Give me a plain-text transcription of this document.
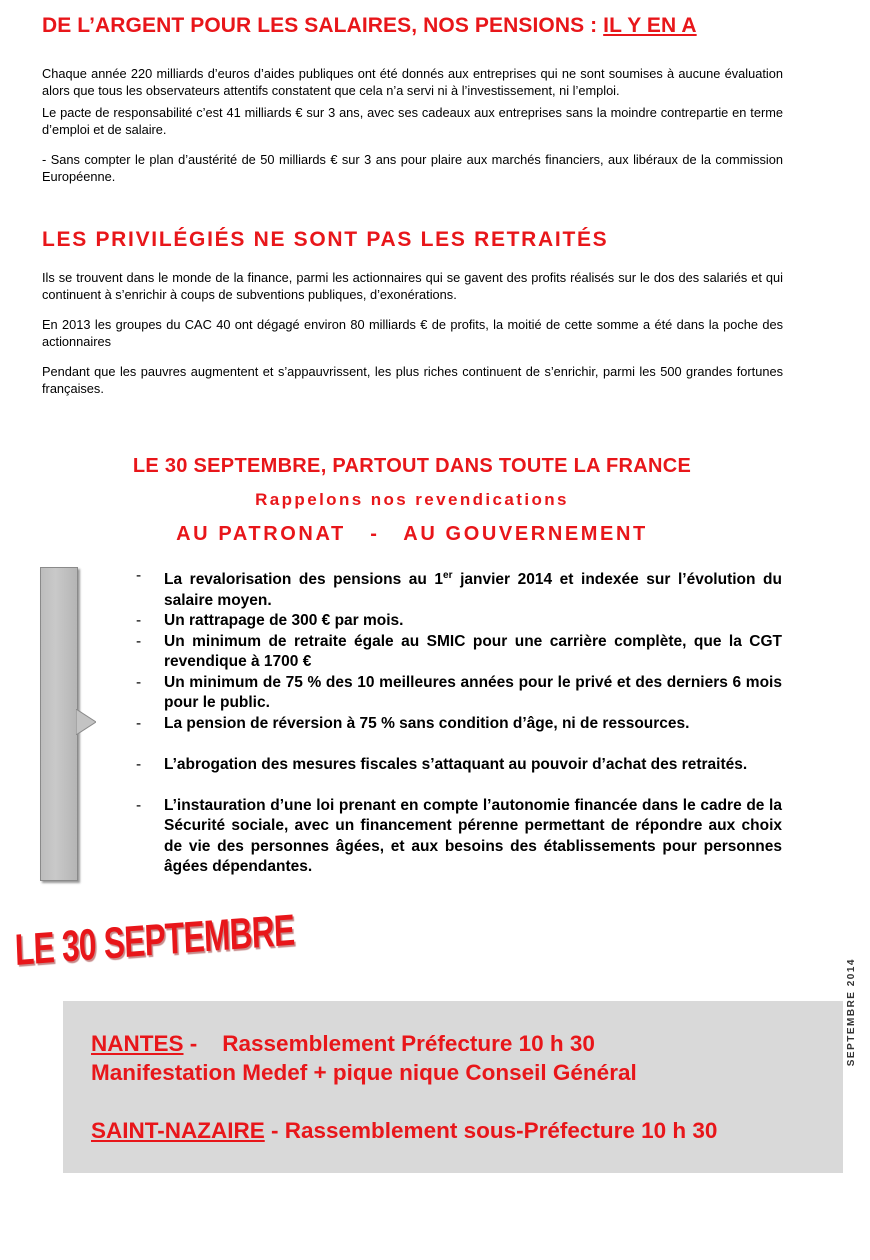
DE L’ARGENT POUR LES SALAIRES, NOS PENSIONS : IL Y EN A
Chaque année 220 milliards d’euros d’aides publiques ont été donnés aux entreprises qui ne sont soumises à aucune évaluation alors que tous les observateurs attentifs constatent que cela n’a servi ni à l’investissement, ni l’emploi.
Le pacte de responsabilité c’est 41 milliards € sur 3 ans, avec ses cadeaux aux entreprises sans la moindre contrepartie en terme d’emploi et de salaire.
- Sans compter le plan d’austérité de 50 milliards € sur 3 ans pour plaire aux marchés financiers, aux libéraux de la commission Européenne.
LES PRIVILÉGIÉS NE SONT PAS LES RETRAITÉS
Ils se trouvent dans le monde de la finance, parmi les actionnaires qui se gavent des profits réalisés sur le dos des salariés et qui continuent à s’enrichir à coups de subventions publiques, d’exonérations.
En 2013 les groupes du CAC 40 ont dégagé environ 80 milliards € de profits, la moitié de cette somme a été dans la poche des actionnaires
Pendant que les pauvres augmentent et s’appauvrissent, les plus riches continuent de s’enrichir, parmi les 500 grandes fortunes françaises.
LE 30 SEPTEMBRE, PARTOUT DANS TOUTE LA FRANCE
Rappelons nos revendications
AU PATRONAT   -   AU GOUVERNEMENT
- La revalorisation des pensions au 1er janvier 2014 et indexée sur l’évolution du salaire moyen.
- Un rattrapage de 300 € par mois.
- Un minimum de retraite égale au SMIC pour une carrière complète, que la CGT revendique à 1700 €
- Un minimum de 75 % des 10 meilleures années pour le privé et des derniers 6 mois pour le public.
- La pension de réversion à 75 % sans condition d’âge, ni de ressources.
- L’abrogation des mesures fiscales s’attaquant au pouvoir d’achat des retraités.
- L’instauration d’une loi prenant en compte l’autonomie financée dans le cadre de la Sécurité sociale, avec un financement pérenne permettant de répondre aux choix de vie des personnes âgées, et aux besoins des établissements pour personnes âgées dépendantes.
LE 30 SEPTEMBRE
SEPTEMBRE 2014
NANTES -    Rassemblement Préfecture 10 h 30
Manifestation Medef + pique nique Conseil Général
SAINT-NAZAIRE - Rassemblement sous-Préfecture 10 h 30
